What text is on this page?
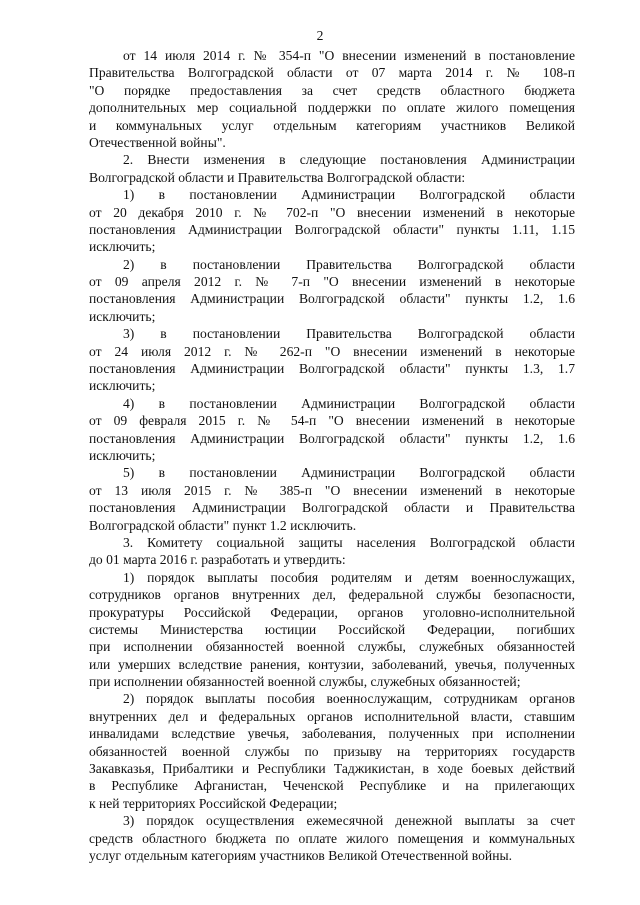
2
от 14 июля 2014 г. № 354-п "О внесении изменений в постановление
Правительства Волгоградской области от 07 марта 2014 г. № 108-п
"О порядке предоставления за счет средств областного бюджета
дополнительных мер социальной поддержки по оплате жилого помещения
и коммунальных услуг отдельным категориям участников Великой
Отечественной войны".
2. Внести изменения в следующие постановления Администрации
Волгоградской области и Правительства Волгоградской области:
1) в постановлении Администрации Волгоградской области
от 20 декабря 2010 г. № 702-п "О внесении изменений в некоторые
постановления Администрации Волгоградской области" пункты 1.11, 1.15
исключить;
2) в постановлении Правительства Волгоградской области
от 09 апреля 2012 г. № 7-п "О внесении изменений в некоторые
постановления Администрации Волгоградской области" пункты 1.2, 1.6
исключить;
3) в постановлении Правительства Волгоградской области
от 24 июля 2012 г. № 262-п "О внесении изменений в некоторые
постановления Администрации Волгоградской области" пункты 1.3, 1.7
исключить;
4) в постановлении Администрации Волгоградской области
от 09 февраля 2015 г. № 54-п "О внесении изменений в некоторые
постановления Администрации Волгоградской области" пункты 1.2, 1.6
исключить;
5) в постановлении Администрации Волгоградской области
от 13 июля 2015 г. № 385-п "О внесении изменений в некоторые
постановления Администрации Волгоградской области и Правительства
Волгоградской области" пункт 1.2 исключить.
3. Комитету социальной защиты населения Волгоградской области
до 01 марта 2016 г. разработать и утвердить:
1) порядок выплаты пособия родителям и детям военнослужащих,
сотрудников органов внутренних дел, федеральной службы безопасности,
прокуратуры Российской Федерации, органов уголовно-исполнительной
системы Министерства юстиции Российской Федерации, погибших
при исполнении обязанностей военной службы, служебных обязанностей
или умерших вследствие ранения, контузии, заболеваний, увечья, полученных
при исполнении обязанностей военной службы, служебных обязанностей;
2) порядок выплаты пособия военнослужащим, сотрудникам органов
внутренних дел и федеральных органов исполнительной власти, ставшим
инвалидами вследствие увечья, заболевания, полученных при исполнении
обязанностей военной службы по призыву на территориях государств
Закавказья, Прибалтики и Республики Таджикистан, в ходе боевых действий
в Республике Афганистан, Чеченской Республике и на прилегающих
к ней территориях Российской Федерации;
3) порядок осуществления ежемесячной денежной выплаты за счет
средств областного бюджета по оплате жилого помещения и коммунальных
услуг отдельным категориям участников Великой Отечественной войны.
